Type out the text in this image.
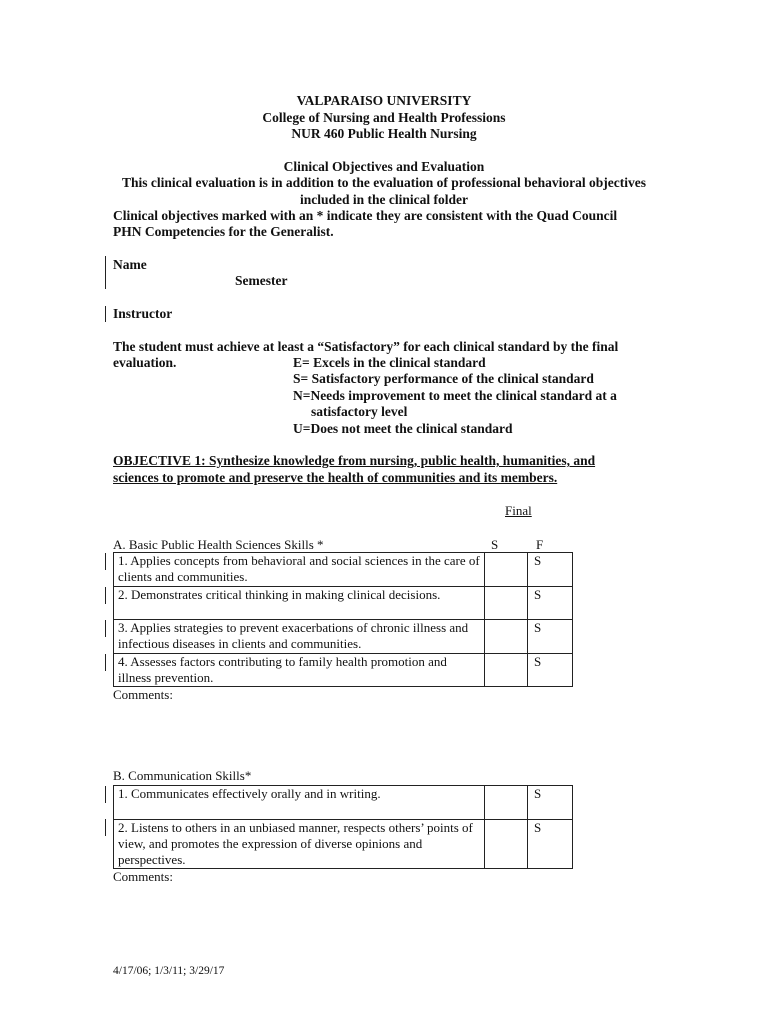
VALPARAISO UNIVERSITY
College of Nursing and Health Professions
NUR 460 Public Health Nursing
Clinical Objectives and Evaluation
This clinical evaluation is in addition to the evaluation of professional behavioral objectives
included in the clinical folder
Clinical objectives marked with an * indicate they are consistent with the Quad Council
PHN Competencies for the Generalist.
Name
Semester
Instructor
The student must achieve at least a “Satisfactory” for each clinical standard by the final
evaluation.	E= Excels in the clinical standard
S= Satisfactory performance of the clinical standard
N=Needs improvement to meet the clinical standard at a
satisfactory level
U=Does not meet the clinical standard
OBJECTIVE 1: Synthesize knowledge from nursing, public health, humanities, and
sciences to promote and preserve the health of communities and its members.
Final
S	F
A. Basic Public Health Sciences Skills *
1. Applies concepts from behavioral and social sciences in the care of clients and communities.		S
2. Demonstrates critical thinking in making clinical decisions.		S
3. Applies strategies to prevent exacerbations of chronic illness and infectious diseases in clients and communities.		S
4. Assesses factors contributing to family health promotion and illness prevention.		S
Comments:
B. Communication Skills*
1. Communicates effectively orally and in writing.		S
2. Listens to others in an unbiased manner, respects others’ points of view, and promotes the expression of diverse opinions and perspectives.		S
Comments:
4/17/06; 1/3/11; 3/29/17
